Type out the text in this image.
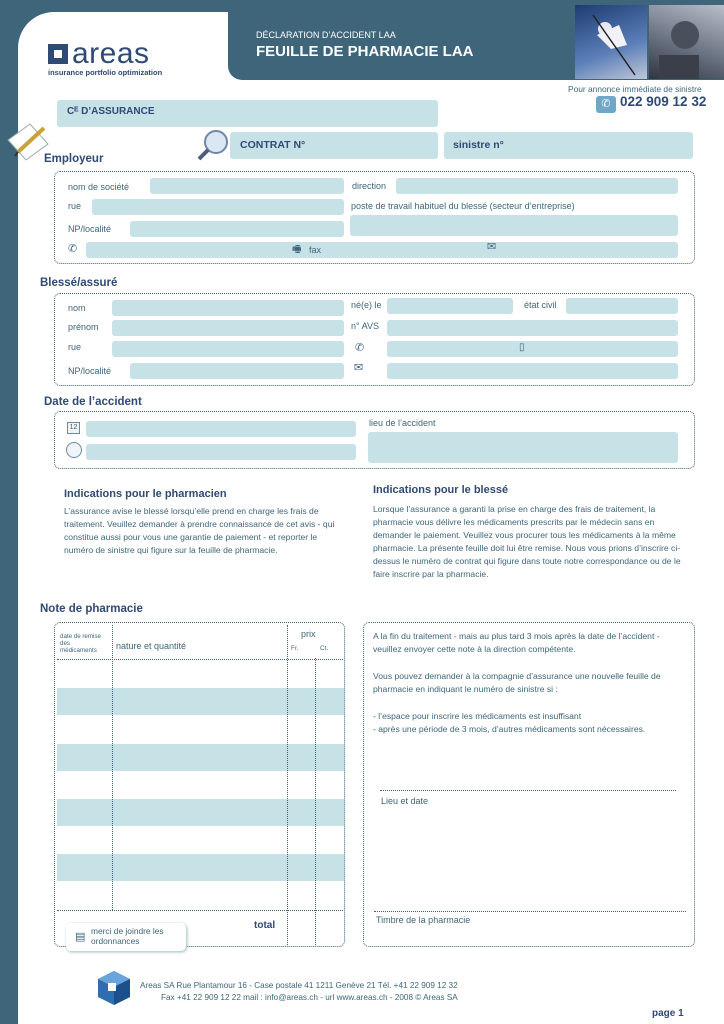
areas
insurance portfolio optimization
DÉCLARATION D’ACCIDENT LAA
FEUILLE DE PHARMACIE LAA
Pour annonce immédiate de sinistre
✆ 022 909 12 32
Cᴱ D’ASSURANCE
CONTRAT N°	sinistre n°
Employeur
nom de société	direction
rue	poste de travail habituel du blessé (secteur d’entreprise)
NP/localité
✆	🖷 fax	✉
Blessé/assuré
nom	né(e) le	état civil
prénom	n° AVS
rue	✆	▯
NP/localité	✉
Date de l’accident
12	lieu de l’accident
Indications pour le pharmacien
L’assurance avise le blessé lorsqu’elle prend en charge les frais de traitement. Veuillez demander à prendre connaissance de cet avis - qui constitue aussi pour vous une garantie de paiement - et reporter le numéro de sinistre qui figure sur la feuille de pharmacie.
Indications pour le blessé
Lorsque l’assurance a garanti la prise en charge des frais de traitement, la pharmacie vous délivre les médicaments prescrits par le médecin sans en demander le paiement. Veuillez vous procurer tous les médicaments à la même pharmacie. La présente feuille doit lui être remise. Nous vous prions d’inscrire ci-dessus le numéro de contrat qui figure dans toute notre correspondance ou de le faire inscrire par la pharmacie.
Note de pharmacie
date de remise des médicaments	nature et quantité
prix
Fr.	Ct.
total
▤ merci de joindre les ordonnances
A la fin du traitement - mais au plus tard 3 mois après la date de l’accident - veuillez envoyer cette note à la direction compétente.
Vous pouvez demander à la compagnie d’assurance une nouvelle feuille de pharmacie en indiquant le numéro de sinistre si :
- l’espace pour inscrire les médicaments est insuffisant
- après une période de 3 mois, d’autres médicaments sont nécessaires.
Lieu et date
Timbre de la pharmacie
Areas SA Rue Plantamour 16 - Case postale 41 1211 Genève 21 Tél. +41 22 909 12 32
Fax +41 22 909 12 22 mail : info@areas.ch - url www.areas.ch - 2008 © Areas SA
FEUILLE DE PHARMACIE LAA/ 2008
page 1
